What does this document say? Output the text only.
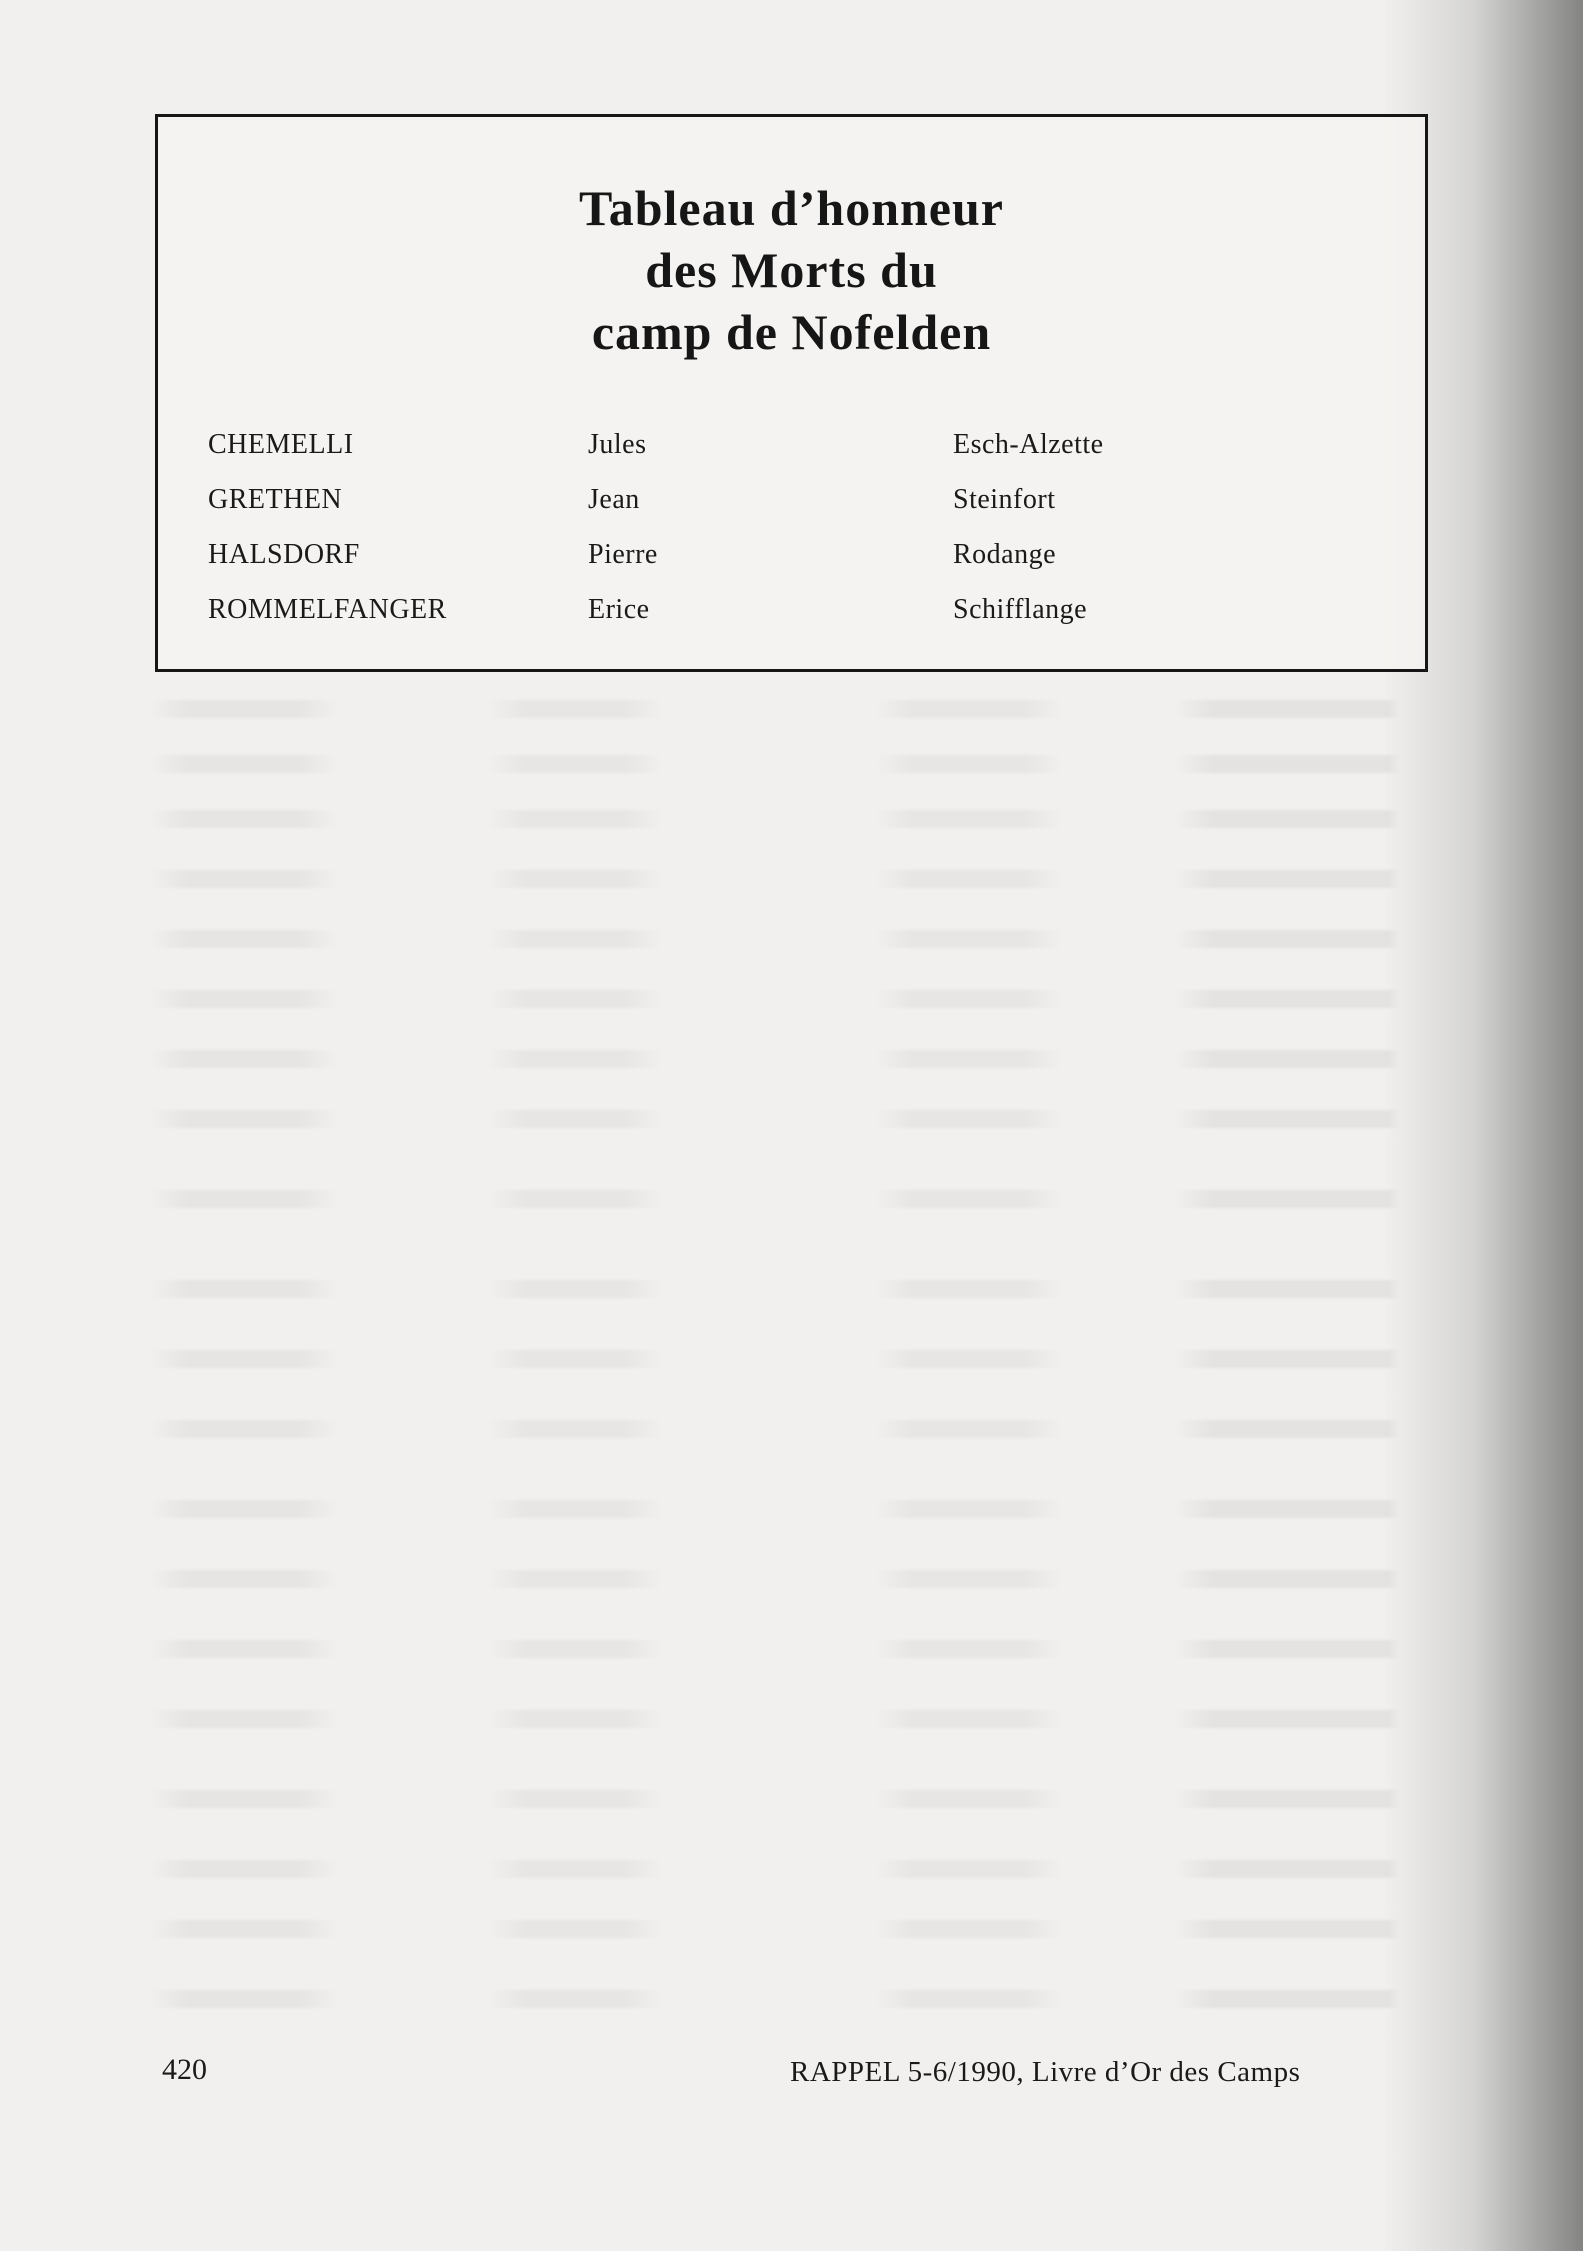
Tableau d’honneur
des Morts du
camp de Nofelden
CHEMELLI	Jules	Esch-Alzette
GRETHEN	Jean	Steinfort
HALSDORF	Pierre	Rodange
ROMMELFANGER	Erice	Schifflange
420	RAPPEL 5-6/1990, Livre d’Or des Camps
